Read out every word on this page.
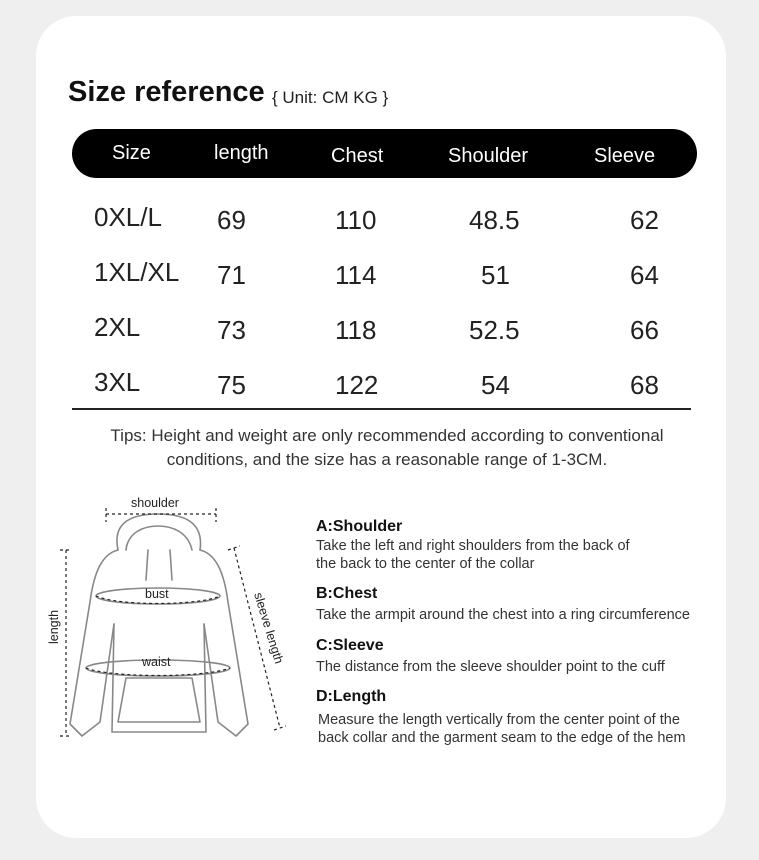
Size reference { Unit: CM KG }
Size	length	Chest	Shoulder	Sleeve
0XL/L 69	110	48.5	62
1XL/XL 71	114	51	64
2XL	73	118	52.5	66
3XL	75	122	54	68
Tips: Height and weight are only recommended according to conventional
conditions, and the size has a reasonable range of 1-3CM.
shoulder
bust
waist
length	sleeve length
A:Shoulder
Take the left and right shoulders from the back of
the back to the center of the collar
B:Chest
Take the armpit around the chest into a ring circumference
C:Sleeve
The distance from the sleeve shoulder point to the cuff
D:Length
Measure the length vertically from the center point of the
back collar and the garment seam to the edge of the hem
